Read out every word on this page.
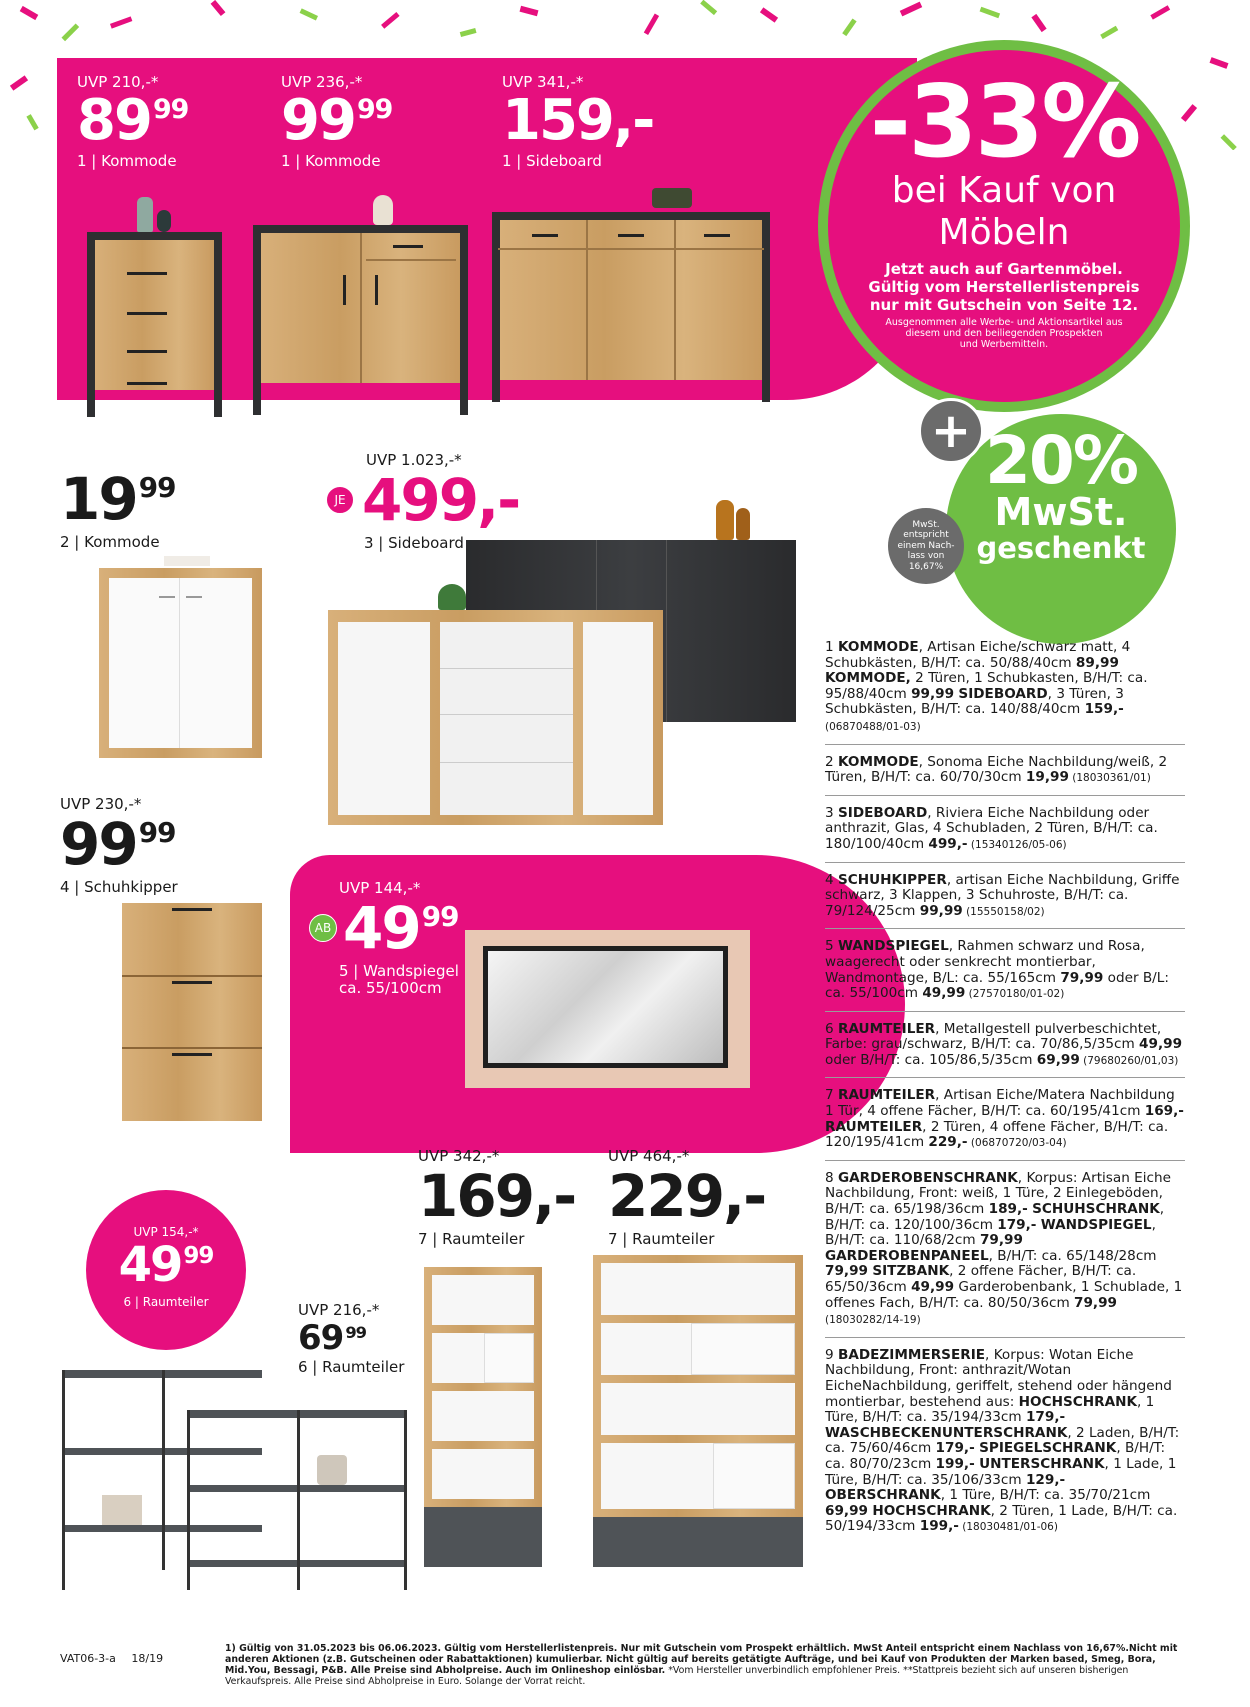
UVP 210,-*
$89^{99}$
1 | Kommode
UVP 236,-*
$99^{99}$
1 | Kommode
UVP 341,-*
159,-
1 | Sideboard	-33% 1)
bei Kauf von
Möbeln
Jetzt auch auf Gartenmöbel.
Gültig vom Herstellerlistenpreis
nur mit Gutschein von Seite 12.
Ausgenommen alle Werbe- und Aktionsartikel aus
diesem und den beiliegenden Prospekten
und Werbemitteln.
20% 1)
MwSt.
geschenkt
+
MwSt.
entspricht
einem Nach-
lass von
16,67%
$19^{99}$
2 | Kommode
UVP 1.023,-*
JE 499,-
3 | Sideboard
UVP 230,-*
$99^{99}$
4 | Schuhkipper	UVP 144,-*
AB $49^{99}$
5 | Wandspiegel
ca. 55/100cm
UVP 342,-*
169,-
7 | Raumteiler
UVP 464,-*
229,-
7 | Raumteiler
UVP 154,-*
$49^{99}$
6 | Raumteiler	UVP 216,-*
69 $^{99}$
6 | Raumteiler

1 KOMMODE, Artisan Eiche/schwarz matt, 4 Schubkästen, B/H/T: ca. 50/88/40cm 89,99 KOMMODE, 2 Türen, 1 Schubkasten, B/H/T: ca. 95/88/40cm 99,99 SIDEBOARD, 3 Türen, 3 Schubkästen, B/H/T: ca. 140/88/40cm 159,- (06870488/01-03)

2 KOMMODE, Sonoma Eiche Nachbildung/weiß, 2 Türen, B/H/T: ca. 60/70/30cm 19,99 (18030361/01)

3 SIDEBOARD, Riviera Eiche Nachbildung oder anthrazit, Glas, 4 Schubladen, 2 Türen, B/H/T: ca. 180/100/40cm 499,- (15340126/05-06)

4 SCHUHKIPPER, artisan Eiche Nachbildung, Griffe schwarz, 3 Klappen, 3 Schuhroste, B/H/T: ca. 79/124/25cm 99,99 (15550158/02)

5 WANDSPIEGEL, Rahmen schwarz und Rosa, waagerecht oder senkrecht montierbar, Wandmontage, B/L: ca. 55/165cm 79,99 oder B/L: ca. 55/100cm 49,99 (27570180/01-02)

6 RAUMTEILER, Metallgestell pulverbeschichtet, Farbe: grau/schwarz, B/H/T: ca. 70/86,5/35cm 49,99 oder B/H/T: ca. 105/86,5/35cm 69,99 (79680260/01,03)

7 RAUMTEILER, Artisan Eiche/Matera Nachbildung 1 Tür, 4 offene Fächer, B/H/T: ca. 60/195/41cm 169,- RAUMTEILER, 2 Türen, 4 offene Fächer, B/H/T: ca. 120/195/41cm 229,- (06870720/03-04)

8 GARDEROBENSCHRANK, Korpus: Artisan Eiche Nachbildung, Front: weiß, 1 Türe, 2 Einlegeböden, B/H/T: ca. 65/198/36cm 189,- SCHUHSCHRANK, B/H/T: ca. 120/100/36cm 179,- WANDSPIEGEL, B/H/T: ca. 110/68/2cm 79,99 GARDEROBENPANEEL, B/H/T: ca. 65/148/28cm 79,99 SITZBANK, 2 offene Fächer, B/H/T: ca. 65/50/36cm 49,99 Garderobenbank, 1 Schublade, 1 offenes Fach, B/H/T: ca. 80/50/36cm 79,99 (18030282/14-19)

9 BADEZIMMERSERIE, Korpus: Wotan Eiche Nachbildung, Front: anthrazit/Wotan EicheNachbildung, geriffelt, stehend oder hängend montierbar, bestehend aus: HOCHSCHRANK, 1 Türe, B/H/T: ca. 35/194/33cm 179,- WASCHBECKENUNTERSCHRANK, 2 Laden, B/H/T: ca. 75/60/46cm 179,- SPIEGELSCHRANK, B/H/T: ca. 80/70/23cm 199,- UNTERSCHRANK, 1 Lade, 1 Türe, B/H/T: ca. 35/106/33cm 129,- OBERSCHRANK, 1 Türe, B/H/T: ca. 35/70/21cm 69,99 HOCHSCHRANK, 2 Türen, 1 Lade, B/H/T: ca. 50/194/33cm 199,- (18030481/01-06)

VAT06-3-a 18/19
1) Gültig von 31.05.2023 bis 06.06.2023. Gültig vom Herstellerlistenpreis. Nur mit Gutschein vom Prospekt erhältlich. MwSt Anteil entspricht einem Nachlass von 16,67%.Nicht mit anderen Aktionen (z.B. Gutscheinen oder Rabattaktionen) kumulierbar. Nicht gültig auf bereits getätigte Aufträge, und bei Kauf von Produkten der Marken based, Smeg, Bora, Mid.You, Bessagi, P&B. Alle Preise sind Abholpreise. Auch im Onlineshop einlösbar. *Vom Hersteller unverbindlich empfohlener Preis. **Stattpreis bezieht sich auf unseren bisherigen Verkaufspreis. Alle Preise sind Abholpreise in Euro. Solange der Vorrat reicht.
